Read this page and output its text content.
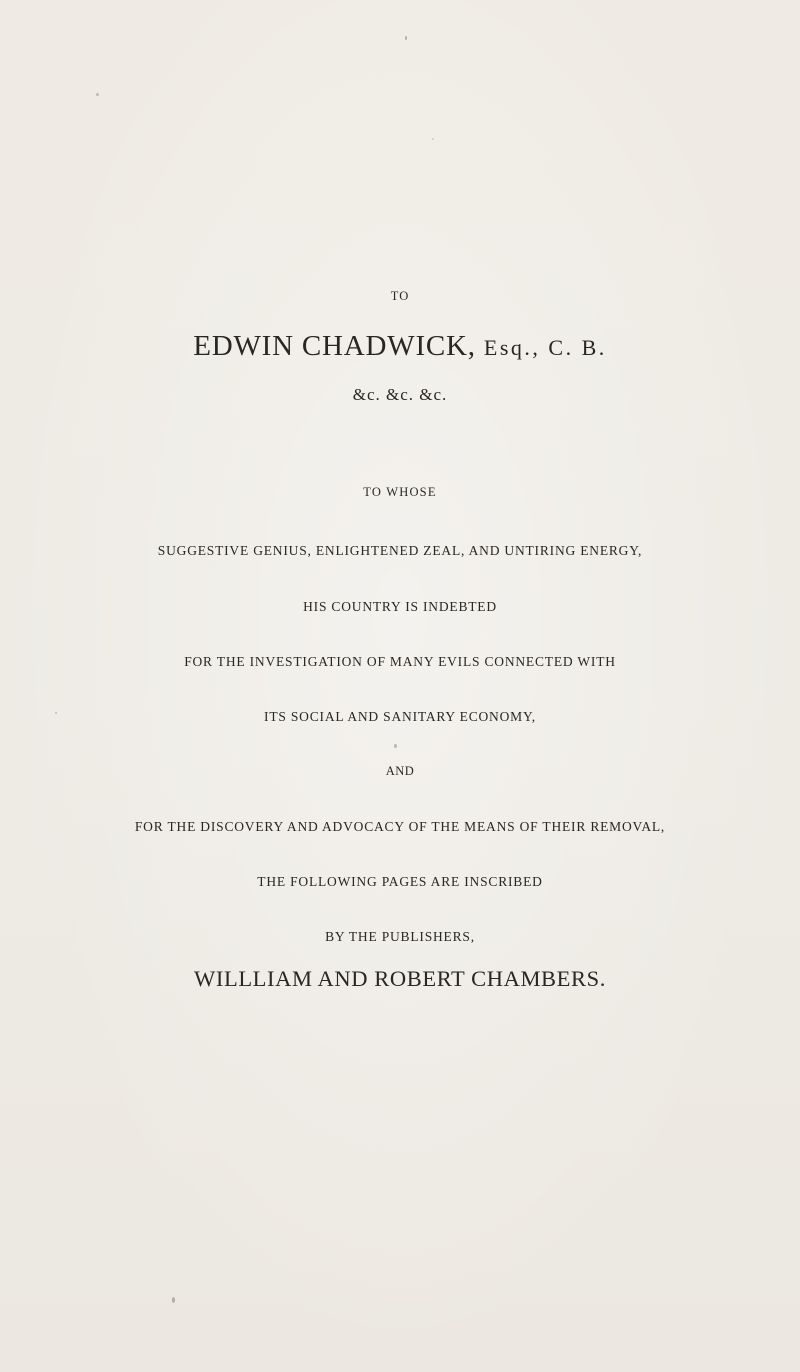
TO
EDWIN CHADWICK, Esq., C. B.
&c. &c. &c.
TO WHOSE
SUGGESTIVE GENIUS, ENLIGHTENED ZEAL, AND UNTIRING ENERGY,
HIS COUNTRY IS INDEBTED
FOR THE INVESTIGATION OF MANY EVILS CONNECTED WITH
ITS SOCIAL AND SANITARY ECONOMY,
AND
FOR THE DISCOVERY AND ADVOCACY OF THE MEANS OF THEIR REMOVAL,
THE FOLLOWING PAGES ARE INSCRIBED
BY THE PUBLISHERS,
WILLLIAM AND ROBERT CHAMBERS.
